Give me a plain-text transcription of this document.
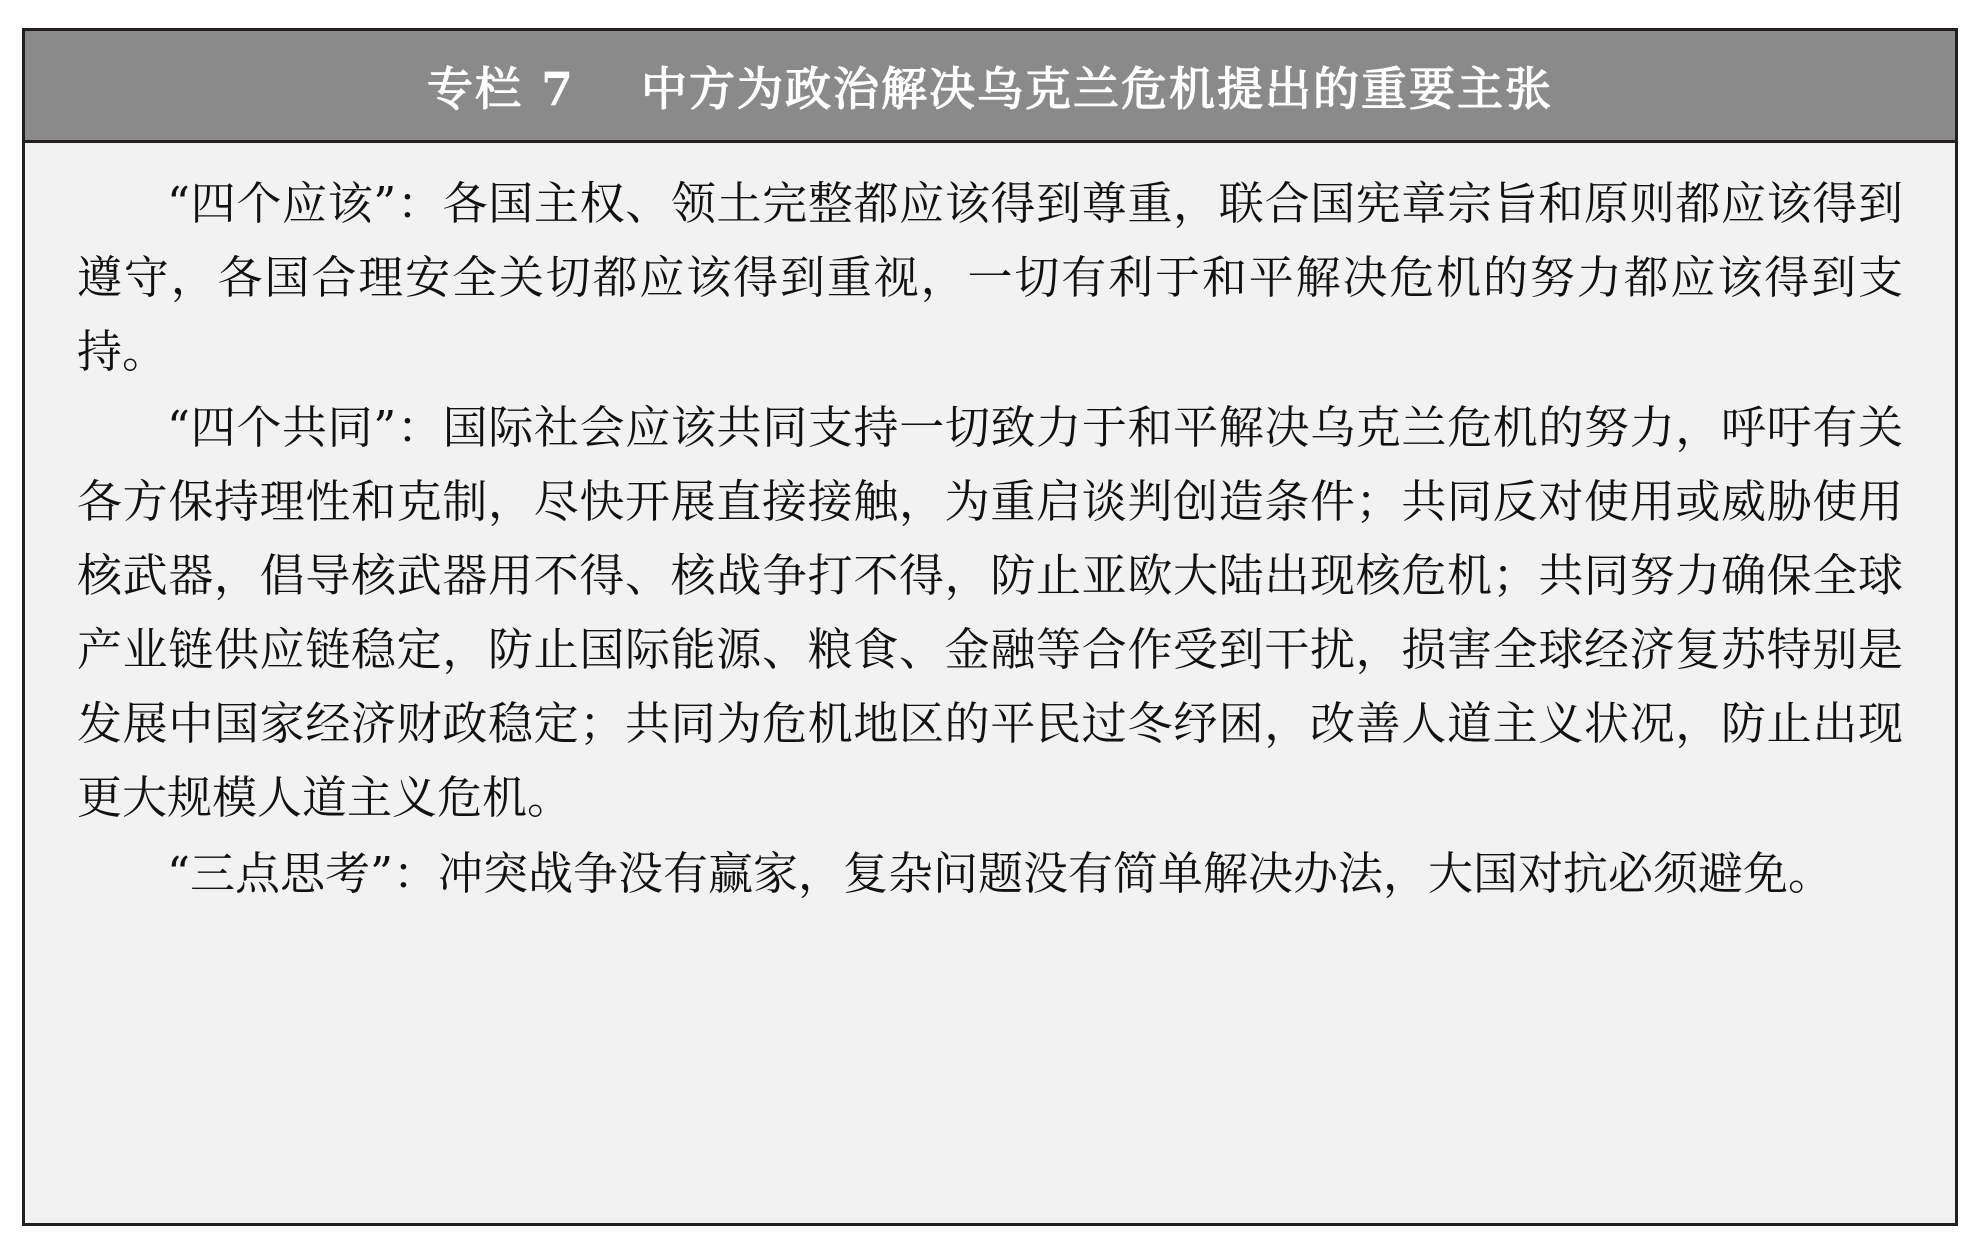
专栏 7　 中方为政治解决乌克兰危机提出的重要主张

“四个应该”：各国主权、领土完整都应该得到尊重，联合国宪章宗旨和原则都应该得到遵守，各国合理安全关切都应该得到重视，一切有利于和平解决危机的努力都应该得到支持。

“四个共同”：国际社会应该共同支持一切致力于和平解决乌克兰危机的努力，呼吁有关各方保持理性和克制，尽快开展直接接触，为重启谈判创造条件；共同反对使用或威胁使用核武器，倡导核武器用不得、核战争打不得，防止亚欧大陆出现核危机；共同努力确保全球产业链供应链稳定，防止国际能源、粮食、金融等合作受到干扰，损害全球经济复苏特别是发展中国家经济财政稳定；共同为危机地区的平民过冬纾困，改善人道主义状况，防止出现更大规模人道主义危机。

“三点思考”：冲突战争没有赢家，复杂问题没有简单解决办法，大国对抗必须避免。
